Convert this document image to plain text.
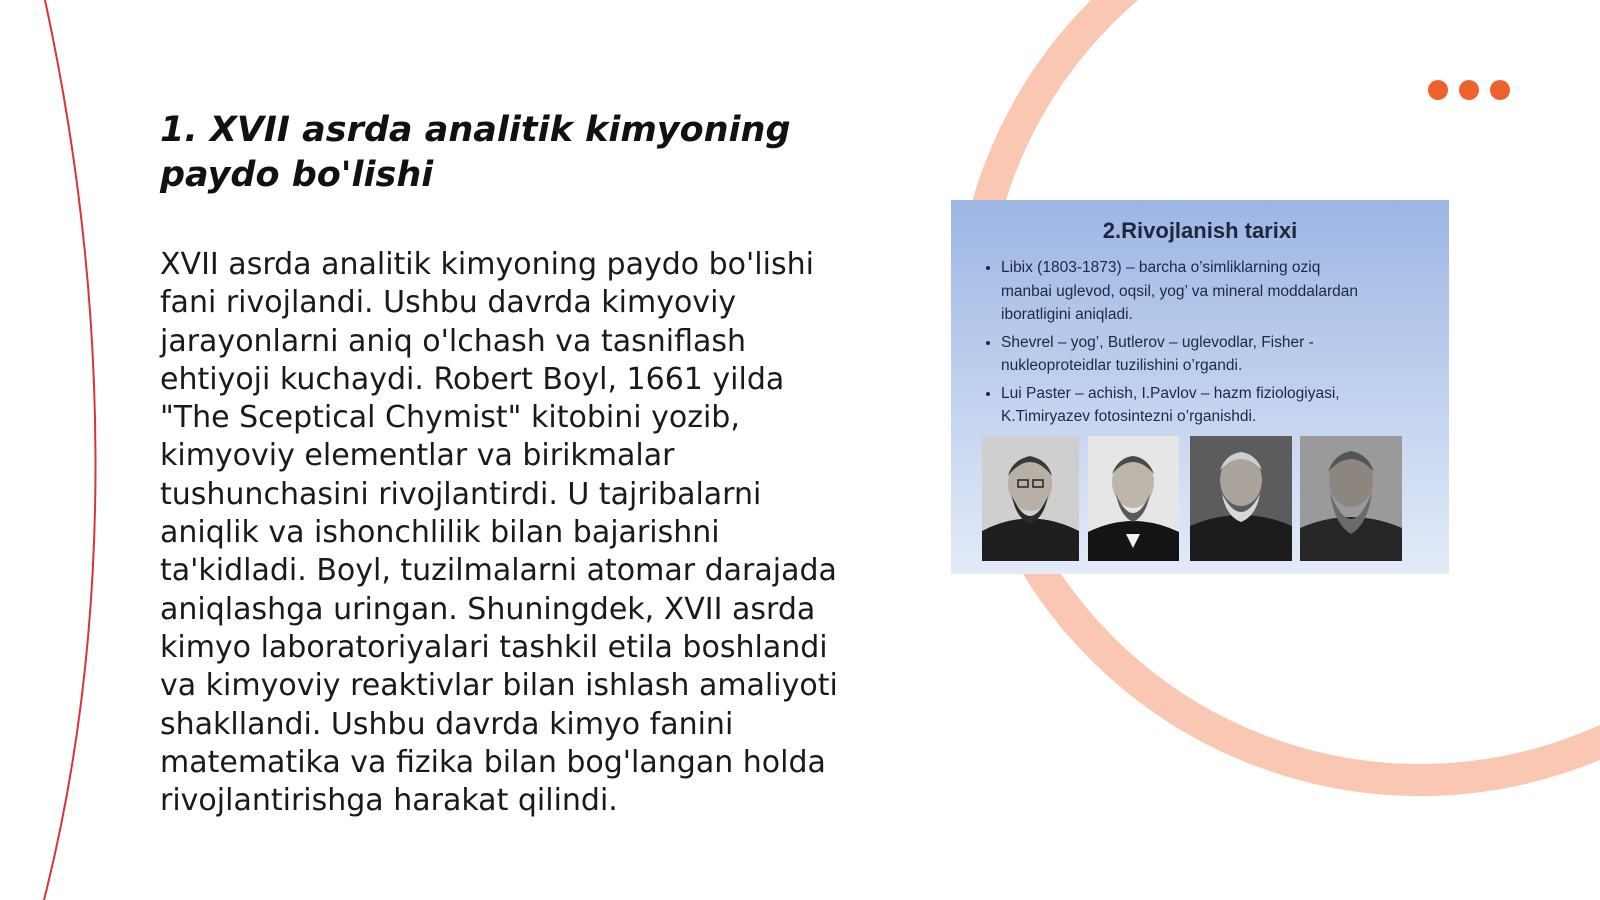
1. XVII asrda analitik kimyoning
paydo bo'lishi

XVII asrda analitik kimyoning paydo bo'lishi
fani rivojlandi. Ushbu davrda kimyoviy
jarayonlarni aniq o'lchash va tasniflash
ehtiyoji kuchaydi. Robert Boyl, 1661 yilda
"The Sceptical Chymist" kitobini yozib,
kimyoviy elementlar va birikmalar
tushunchasini rivojlantirdi. U tajribalarni
aniqlik va ishonchlilik bilan bajarishni
ta'kidladi. Boyl, tuzilmalarni atomar darajada
aniqlashga uringan. Shuningdek, XVII asrda
kimyo laboratoriyalari tashkil etila boshlandi
va kimyoviy reaktivlar bilan ishlash amaliyoti
shakllandi. Ushbu davrda kimyo fanini
matematika va fizika bilan bog'langan holda
rivojlantirishga harakat qilindi.

2.Rivojlanish tarixi
• Libix (1803-1873) – barcha o’simliklarning oziq
manbai uglevod, oqsil, yog’ va mineral moddalardan
iboratligini aniqladi.
• Shevrel – yog’, Butlerov – uglevodlar, Fisher -
nukleoproteidlar tuzilishini o’rgandi.
• Lui Paster – achish, I.Pavlov – hazm fiziologiyasi,
K.Timiryazev fotosintezni o’rganishdi.
